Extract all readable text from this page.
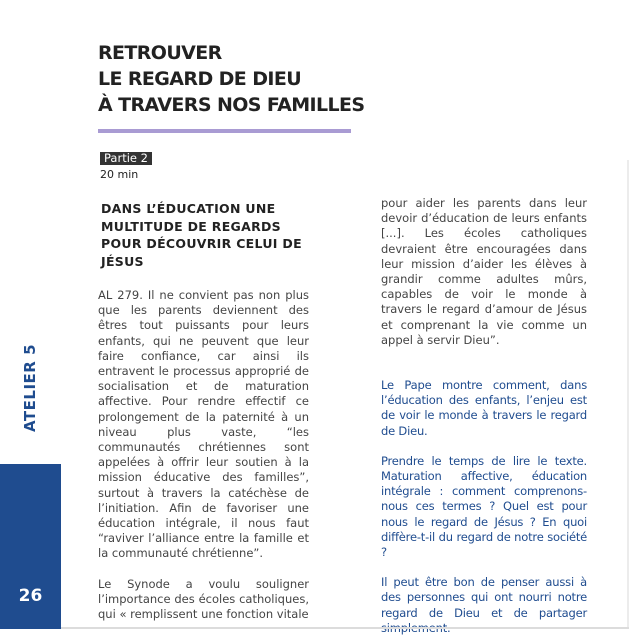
RETROUVER
LE REGARD DE DIEU
À TRAVERS NOS FAMILLES
Partie 2
20 min
DANS L’ÉDUCATION UNE MULTITUDE DE REGARDS POUR DÉCOUVRIR CELUI DE JÉSUS

AL 279. Il ne convient pas non plus que les parents deviennent des êtres tout puissants pour leurs enfants, qui ne peuvent que leur faire confiance, car ainsi ils entravent le processus approprié de socialisation et de maturation affective. Pour rendre effectif ce prolongement de la paternité à un niveau plus vaste, “les communautés chrétiennes sont appelées à offrir leur soutien à la mission éducative des familles”, surtout à travers la catéchèse de l’initiation. Afin de favoriser une éducation intégrale, il nous faut “raviver l’alliance entre la famille et la communauté chrétienne”.

Le Synode a voulu souligner l’importance des écoles catholiques, qui « remplissent une fonction vitale

pour aider les parents dans leur devoir d’éducation de leurs enfants [...]. Les écoles catholiques devraient être encouragées dans leur mission d’aider les élèves à grandir comme adultes mûrs, capables de voir le monde à travers le regard d’amour de Jésus et comprenant la vie comme un appel à servir Dieu”.

Le Pape montre comment, dans l’éducation des enfants, l’enjeu est de voir le monde à travers le regard de Dieu.

Prendre le temps de lire le texte. Maturation affective, éducation intégrale : comment comprenons-nous ces termes ? Quel est pour nous le regard de Jésus ? En quoi diffère-t-il du regard de notre société ?

Il peut être bon de penser aussi à des personnes qui ont nourri notre regard de Dieu et de partager

ATELIER 5
26
